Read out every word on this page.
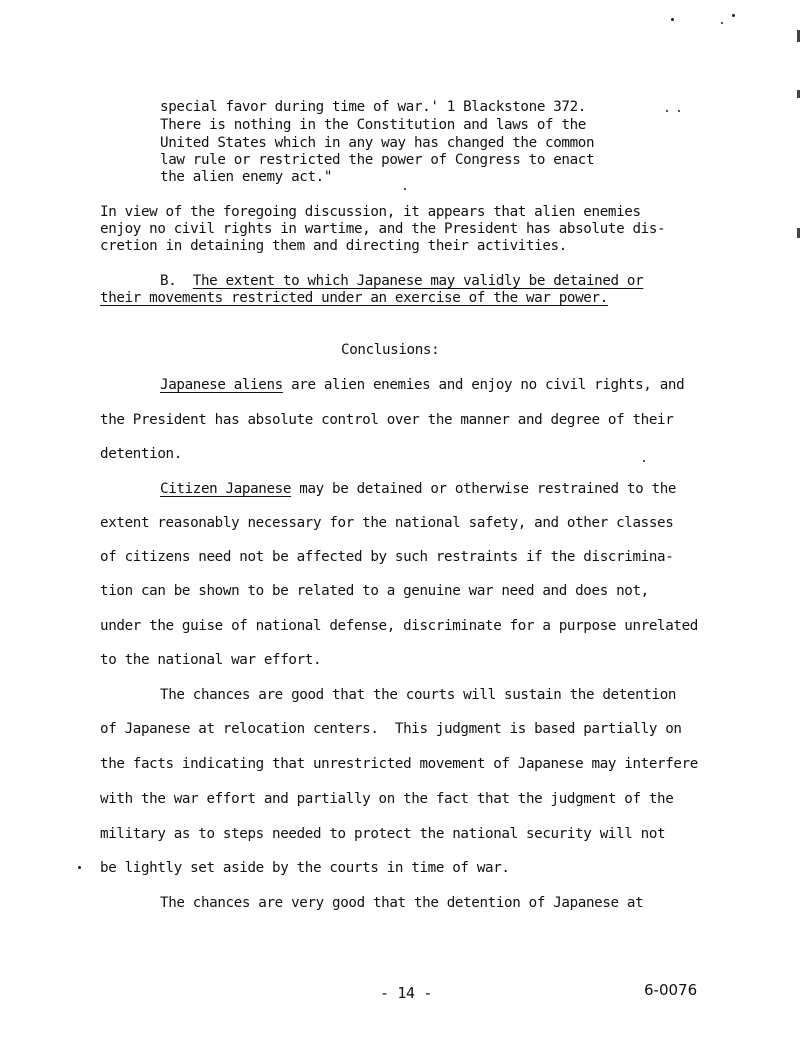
special favor during time of war.' 1 Blackstone 372.
There is nothing in the Constitution and laws of the
United States which in any way has changed the common
law rule or restricted the power of Congress to enact
the alien enemy act."
In view of the foregoing discussion, it appears that alien enemies
enjoy no civil rights in wartime, and the President has absolute dis-
cretion in detaining them and directing their activities.
B. The extent to which Japanese may validly be detained or
their movements restricted under an exercise of the war power.
Conclusions:
Japanese aliens are alien enemies and enjoy no civil rights, and
the President has absolute control over the manner and degree of their
detention.
Citizen Japanese may be detained or otherwise restrained to the
extent reasonably necessary for the national safety, and other classes
of citizens need not be affected by such restraints if the discrimina-
tion can be shown to be related to a genuine war need and does not,
under the guise of national defense, discriminate for a purpose unrelated
to the national war effort.
The chances are good that the courts will sustain the detention
of Japanese at relocation centers.  This judgment is based partially on
the facts indicating that unrestricted movement of Japanese may interfere
with the war effort and partially on the fact that the judgment of the
military as to steps needed to protect the national security will not
be lightly set aside by the courts in time of war.
The chances are very good that the detention of Japanese at
- 14 -	6-0076
